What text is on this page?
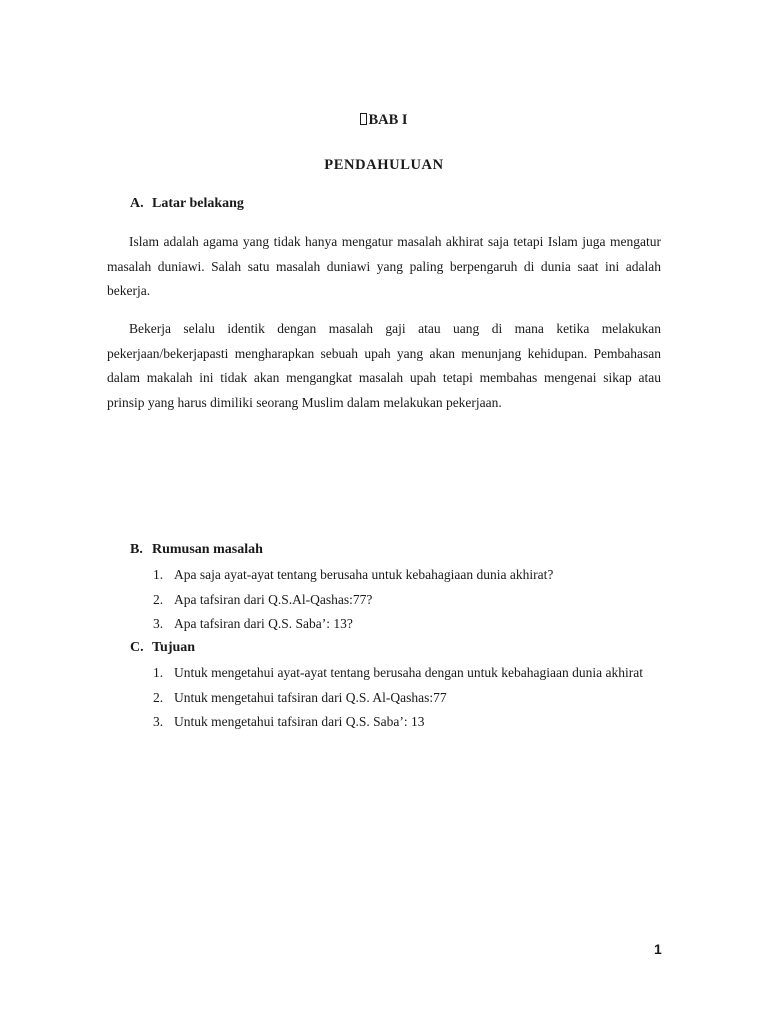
BAB I
PENDAHULUAN
A. Latar belakang

Islam adalah agama yang tidak hanya mengatur masalah akhirat saja tetapi Islam juga mengatur masalah duniawi. Salah satu masalah duniawi yang paling berpengaruh di dunia saat ini adalah bekerja.

Bekerja selalu identik dengan masalah gaji atau uang di mana ketika melakukan pekerjaan/bekerjapasti mengharapkan sebuah upah yang akan menunjang kehidupan. Pembahasan dalam makalah ini tidak akan mengangkat masalah upah tetapi membahas mengenai sikap atau prinsip yang harus dimiliki seorang Muslim dalam melakukan pekerjaan.

B. Rumusan masalah
1. Apa saja ayat-ayat tentang berusaha untuk kebahagiaan dunia akhirat?
2. Apa tafsiran dari Q.S.Al-Qashas:77?
3. Apa tafsiran dari Q.S. Saba’: 13?
C. Tujuan
1. Untuk mengetahui ayat-ayat tentang berusaha dengan untuk kebahagiaan dunia akhirat
2. Untuk mengetahui tafsiran dari Q.S. Al-Qashas:77
3. Untuk mengetahui tafsiran dari Q.S. Saba’: 13
1
